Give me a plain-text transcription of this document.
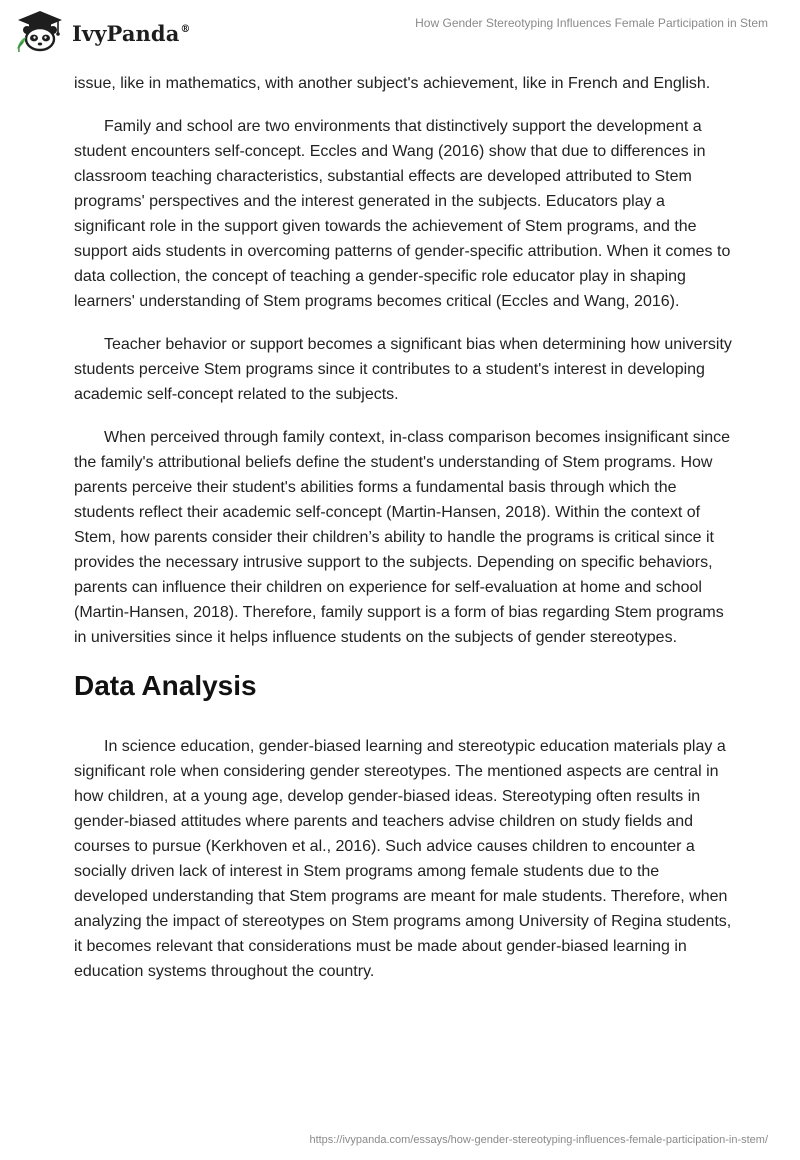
IvyPanda®	How Gender Stereotyping Influences Female Participation in Stem

issue, like in mathematics, with another subject's achievement, like in French and English.

Family and school are two environments that distinctively support the development a student encounters self-concept. Eccles and Wang (2016) show that due to differences in classroom teaching characteristics, substantial effects are developed attributed to Stem programs' perspectives and the interest generated in the subjects. Educators play a significant role in the support given towards the achievement of Stem programs, and the support aids students in overcoming patterns of gender-specific attribution. When it comes to data collection, the concept of teaching a gender-specific role educator play in shaping learners' understanding of Stem programs becomes critical (Eccles and Wang, 2016).

Teacher behavior or support becomes a significant bias when determining how university students perceive Stem programs since it contributes to a student's interest in developing academic self-concept related to the subjects.

When perceived through family context, in-class comparison becomes insignificant since the family's attributional beliefs define the student's understanding of Stem programs. How parents perceive their student's abilities forms a fundamental basis through which the students reflect their academic self-concept (Martin-Hansen, 2018). Within the context of Stem, how parents consider their children’s ability to handle the programs is critical since it provides the necessary intrusive support to the subjects. Depending on specific behaviors, parents can influence their children on experience for self-evaluation at home and school (Martin-Hansen, 2018). Therefore, family support is a form of bias regarding Stem programs in universities since it helps influence students on the subjects of gender stereotypes.

Data Analysis

In science education, gender-biased learning and stereotypic education materials play a significant role when considering gender stereotypes. The mentioned aspects are central in how children, at a young age, develop gender-biased ideas. Stereotyping often results in gender-biased attitudes where parents and teachers advise children on study fields and courses to pursue (Kerkhoven et al., 2016). Such advice causes children to encounter a socially driven lack of interest in Stem programs among female students due to the developed understanding that Stem programs are meant for male students. Therefore, when analyzing the impact of stereotypes on Stem programs among University of Regina students, it becomes relevant that considerations must be made about gender-biased learning in education systems throughout the country.

https://ivypanda.com/essays/how-gender-stereotyping-influences-female-participation-in-stem/
